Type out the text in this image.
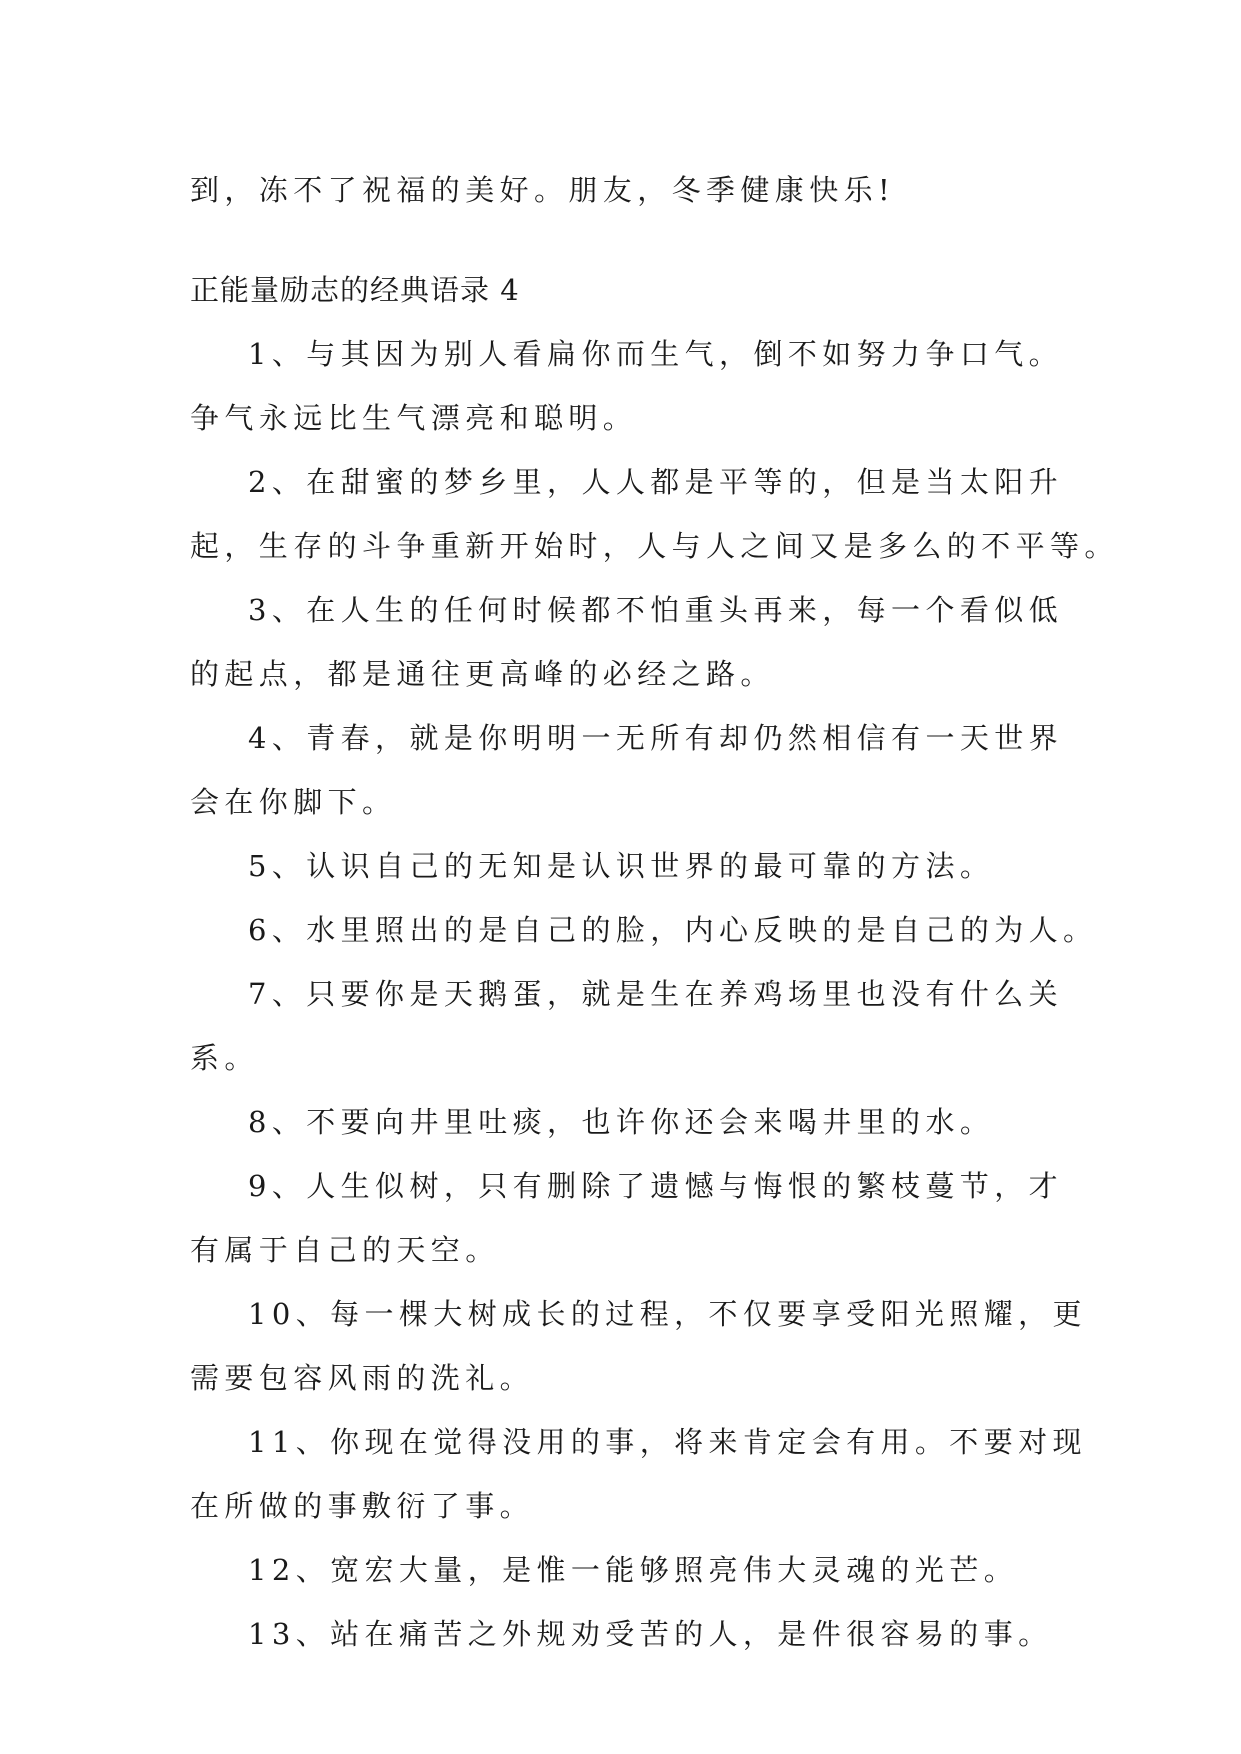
到，冻不了祝福的美好。朋友，冬季健康快乐!
正能量励志的经典语录 4
1、与其因为别人看扁你而生气，倒不如努力争口气。
争气永远比生气漂亮和聪明。
2、在甜蜜的梦乡里，人人都是平等的，但是当太阳升
起，生存的斗争重新开始时，人与人之间又是多么的不平等。
3、在人生的任何时候都不怕重头再来，每一个看似低
的起点，都是通往更高峰的必经之路。
4、青春，就是你明明一无所有却仍然相信有一天世界
会在你脚下。
5、认识自己的无知是认识世界的最可靠的方法。
6、水里照出的是自己的脸，内心反映的是自己的为人。
7、只要你是天鹅蛋，就是生在养鸡场里也没有什么关
系。
8、不要向井里吐痰，也许你还会来喝井里的水。
9、人生似树，只有删除了遗憾与悔恨的繁枝蔓节，才
有属于自己的天空。
10、每一棵大树成长的过程，不仅要享受阳光照耀，更
需要包容风雨的洗礼。
11、你现在觉得没用的事，将来肯定会有用。不要对现
在所做的事敷衍了事。
12、宽宏大量，是惟一能够照亮伟大灵魂的光芒。
13、站在痛苦之外规劝受苦的人，是件很容易的事。
